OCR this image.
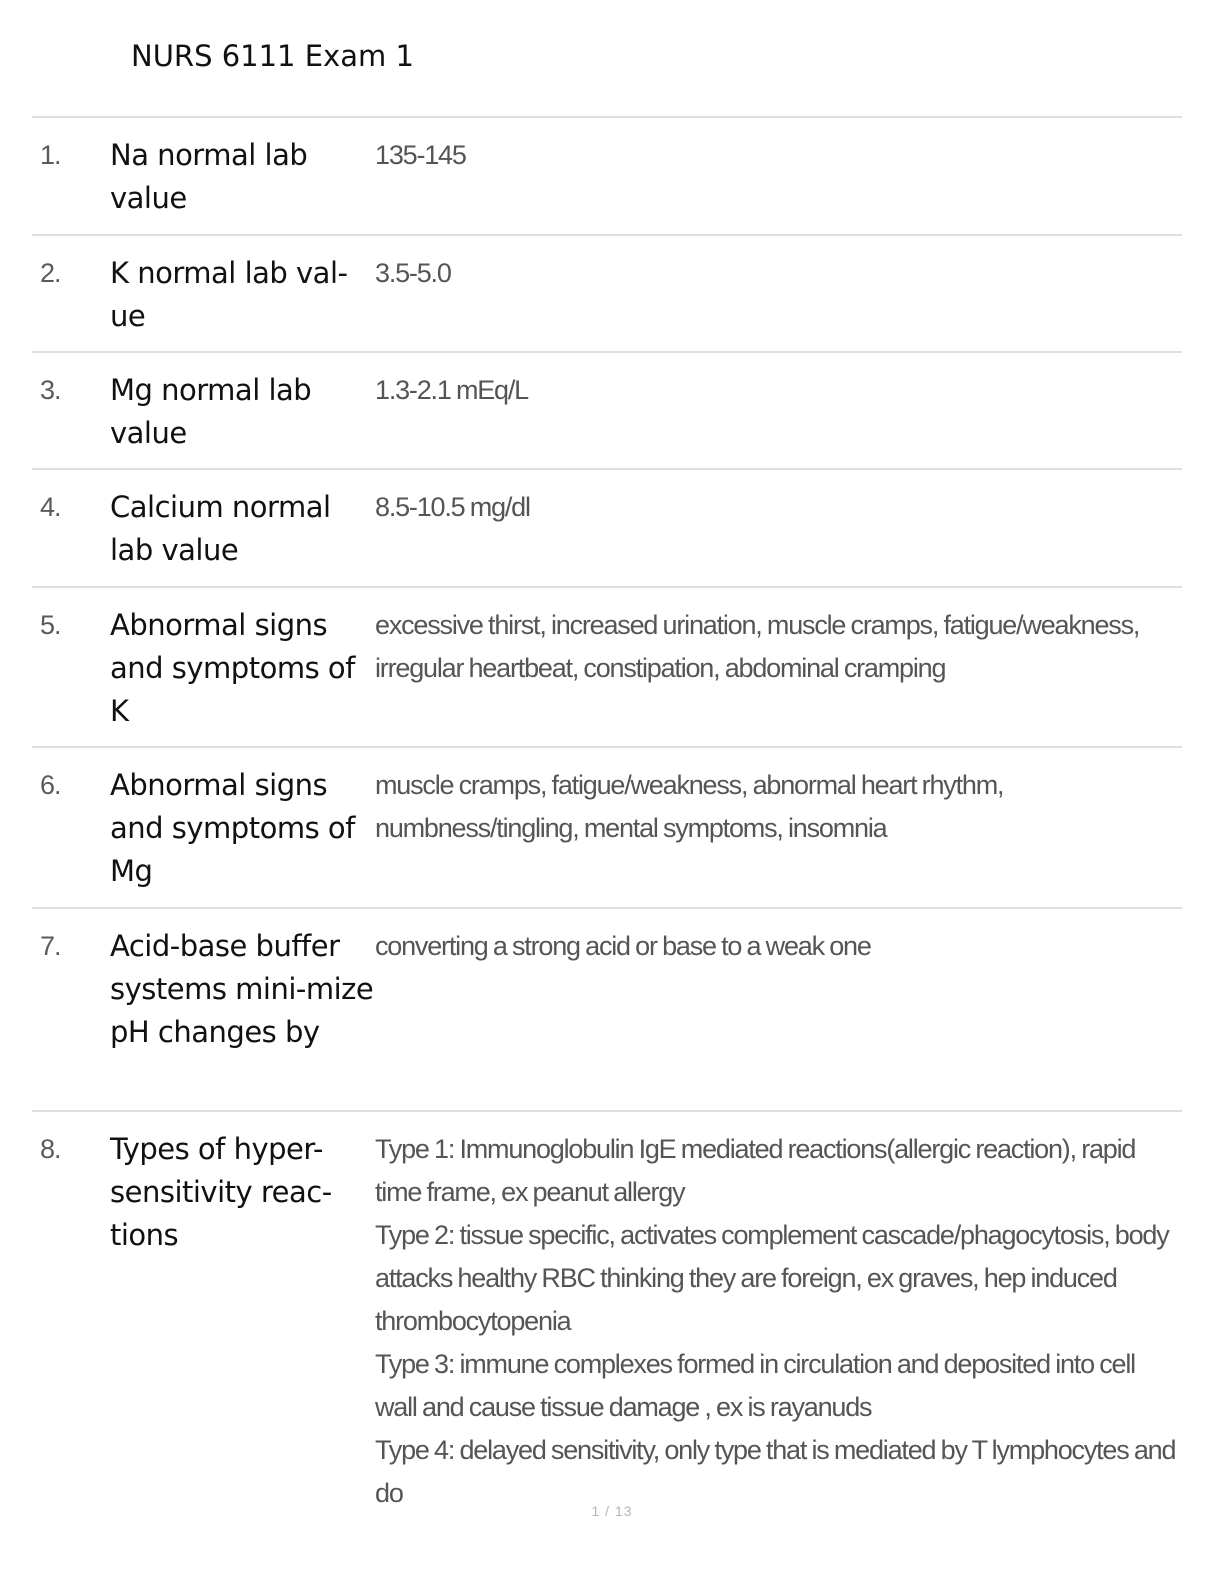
NURS 6111 Exam 1
1.	Na normal lab value
135-145
2.	K normal lab val-ue
3.5-5.0
3.	Mg normal lab value
1.3-2.1 mEq/L
4.	Calcium normal lab value
8.5-10.5 mg/dl
5.	Abnormal signs and symptoms of K
excessive thirst, increased urination, muscle cramps, fatigue/weakness, irregular heartbeat, constipation, abdominal cramping
6.	Abnormal signs and symptoms of Mg
muscle cramps, fatigue/weakness, abnormal heart rhythm, numbness/tingling, mental symptoms, insomnia
7.	Acid-base buffer systems mini-mize pH changes by
converting a strong acid or base to a weak one
8.	Types of hyper-sensitivity reac-tions
Type 1: Immunoglobulin IgE mediated reactions(allergic reaction), rapid time frame, ex peanut allergy
Type 2: tissue specific, activates complement cascade/phagocytosis, body attacks healthy RBC thinking they are foreign, ex graves, hep induced thrombocytopenia
Type 3: immune complexes formed in circulation and deposited into cell wall and cause tissue damage , ex is rayanuds
Type 4: delayed sensitivity, only type that is mediated by T lymphocytes and do
1 / 13
